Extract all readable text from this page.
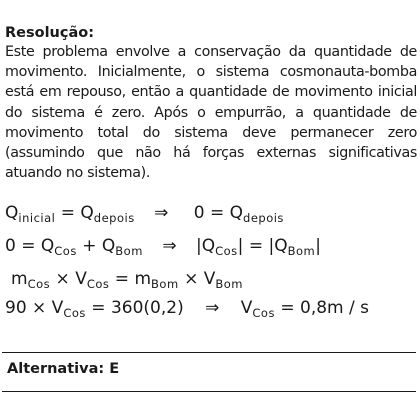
Resolução:

Este problema envolve a conservação da quantidade de movimento. Inicialmente, o sistema cosmonauta-bomba está em repouso, então a quantidade de movimento inicial do sistema é zero. Após o empurrão, a quantidade de movimento total do sistema deve permanecer zero (assumindo que não há forças externas significativas atuando no sistema).

$Q_{inicial} = Q_{depois}$ ⇒ $0 = Q_{depois}$
$0 = Q_{Cos} + Q_{Bom}$ ⇒ $|Q_{Cos}| = |Q_{Bom}|$
$m_{Cos} \times V_{Cos} = m_{Bom} \times V_{Bom}$
$90 \times V_{Cos} = 360(0,2)$ ⇒ $V_{Cos} = 0,8m / s$
Alternativa: E
